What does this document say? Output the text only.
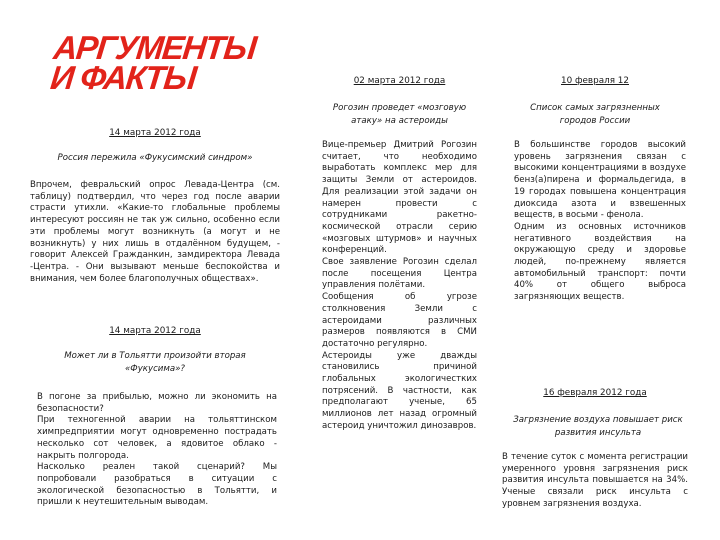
АРГУМЕНТЫ
И ФАКТЫ
14 марта 2012 года
Россия пережила «Фукусимский синдром»
Впрочем, февральский опрос Левада-Центра (см. таблицу) подтвердил, что через год после аварии страсти утихли. «Какие-то глобальные проблемы интересуют россиян не так уж сильно, особенно если эти проблемы могут возникнуть (а могут и не возникнуть) у них лишь в отдалённом будущем, - говорит Алексей Гражданкин, замдиректора Левада -Центра. - Они вызывают меньше беспокойства и внимания, чем более благополучных обществах».
14 марта 2012 года
Может ли в Тольятти произойти вторая «Фукусима»?
В погоне за прибылью, можно ли экономить на безопасности?
При техногенной аварии на тольяттинском химпредприятии могут одновременно пострадать несколько сот человек, а ядовитое облако - накрыть полгорода.
Насколько реален такой сценарий? Мы попробовали разобраться в ситуации с экологической безопасностью в Тольятти, и пришли к неутешительным выводам.
02 марта 2012 года
Рогозин проведет «мозговую атаку» на астероиды
Вице-премьер Дмитрий Рогозин считает, что необходимо выработать комплекс мер для защиты Земли от астероидов. Для реализации этой задачи он намерен провести с сотрудниками ракетно-космической отрасли серию «мозговых штурмов» и научных конференций.
Свое заявление Рогозин сделал после посещения Центра управления полётами.
Сообщения об угрозе столкновения Земли с астероидами различных размеров появляются в СМИ достаточно регулярно.
Астероиды уже дважды становились причиной глобальных экологичестких потрясений. В частности, как предполагают ученые, 65 миллионов лет назад огромный астероид уничтожил динозавров.
10 февраля 12
Список самых загрязненных городов России
В большинстве городов высокий уровень загрязнения связан с высокими концентрациями в воздухе бенз(а)пирена и формальдегида, в 19 городах повышена концентрация диоксида азота и взвешенных веществ, в восьми - фенола.
Одним из основных источников негативного воздействия на окружающую среду и здоровье людей, по-прежнему является автомобильный транспорт: почти 40% от общего выброса загрязняющих веществ.
16 февраля 2012 года
Загрязнение воздуха повышает риск развития инсульта
В течение суток с момента регистрации умеренного уровня загрязнения риск развития инсульта повышается на 34%. Ученые связали риск инсульта с уровнем загрязнения воздуха.
